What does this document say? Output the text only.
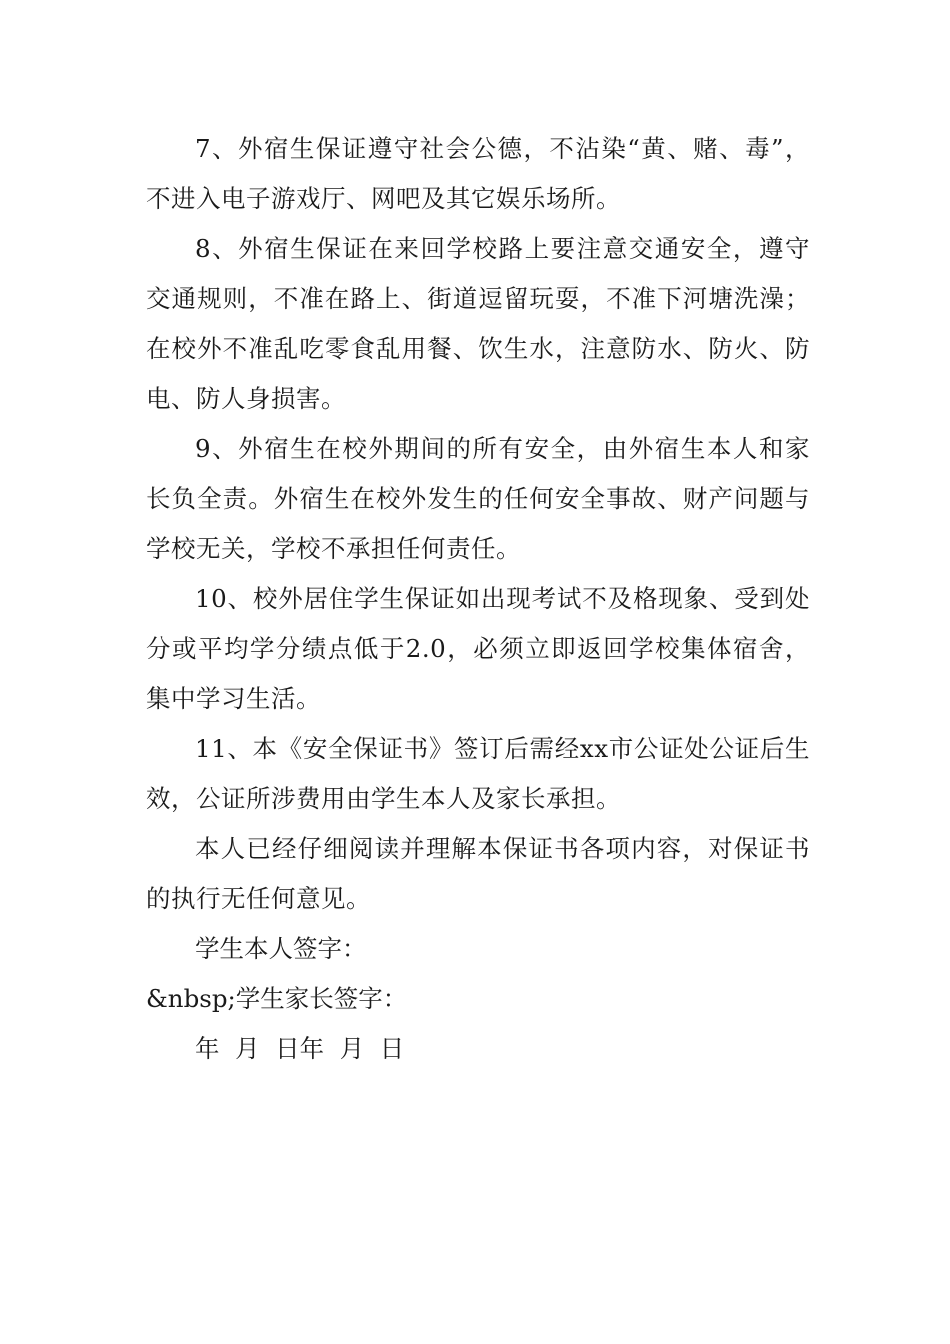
7、外宿生保证遵守社会公德，不沾染“黄、赌、毒”，不进入电子游戏厅、网吧及其它娱乐场所。

8、外宿生保证在来回学校路上要注意交通安全，遵守交通规则，不准在路上、街道逗留玩耍，不准下河塘洗澡；在校外不准乱吃零食乱用餐、饮生水，注意防水、防火、防电、防人身损害。

9、外宿生在校外期间的所有安全，由外宿生本人和家长负全责。外宿生在校外发生的任何安全事故、财产问题与学校无关，学校不承担任何责任。

10、校外居住学生保证如出现考试不及格现象、受到处分或平均学分绩点低于2.0，必须立即返回学校集体宿舍，集中学习生活。

11、本《安全保证书》签订后需经xx市公证处公证后生效，公证所涉费用由学生本人及家长承担。

本人已经仔细阅读并理解本保证书各项内容，对保证书的执行无任何意见。

学生本人签字：

&nbsp;学生家长签字：

年  月  日年  月  日
